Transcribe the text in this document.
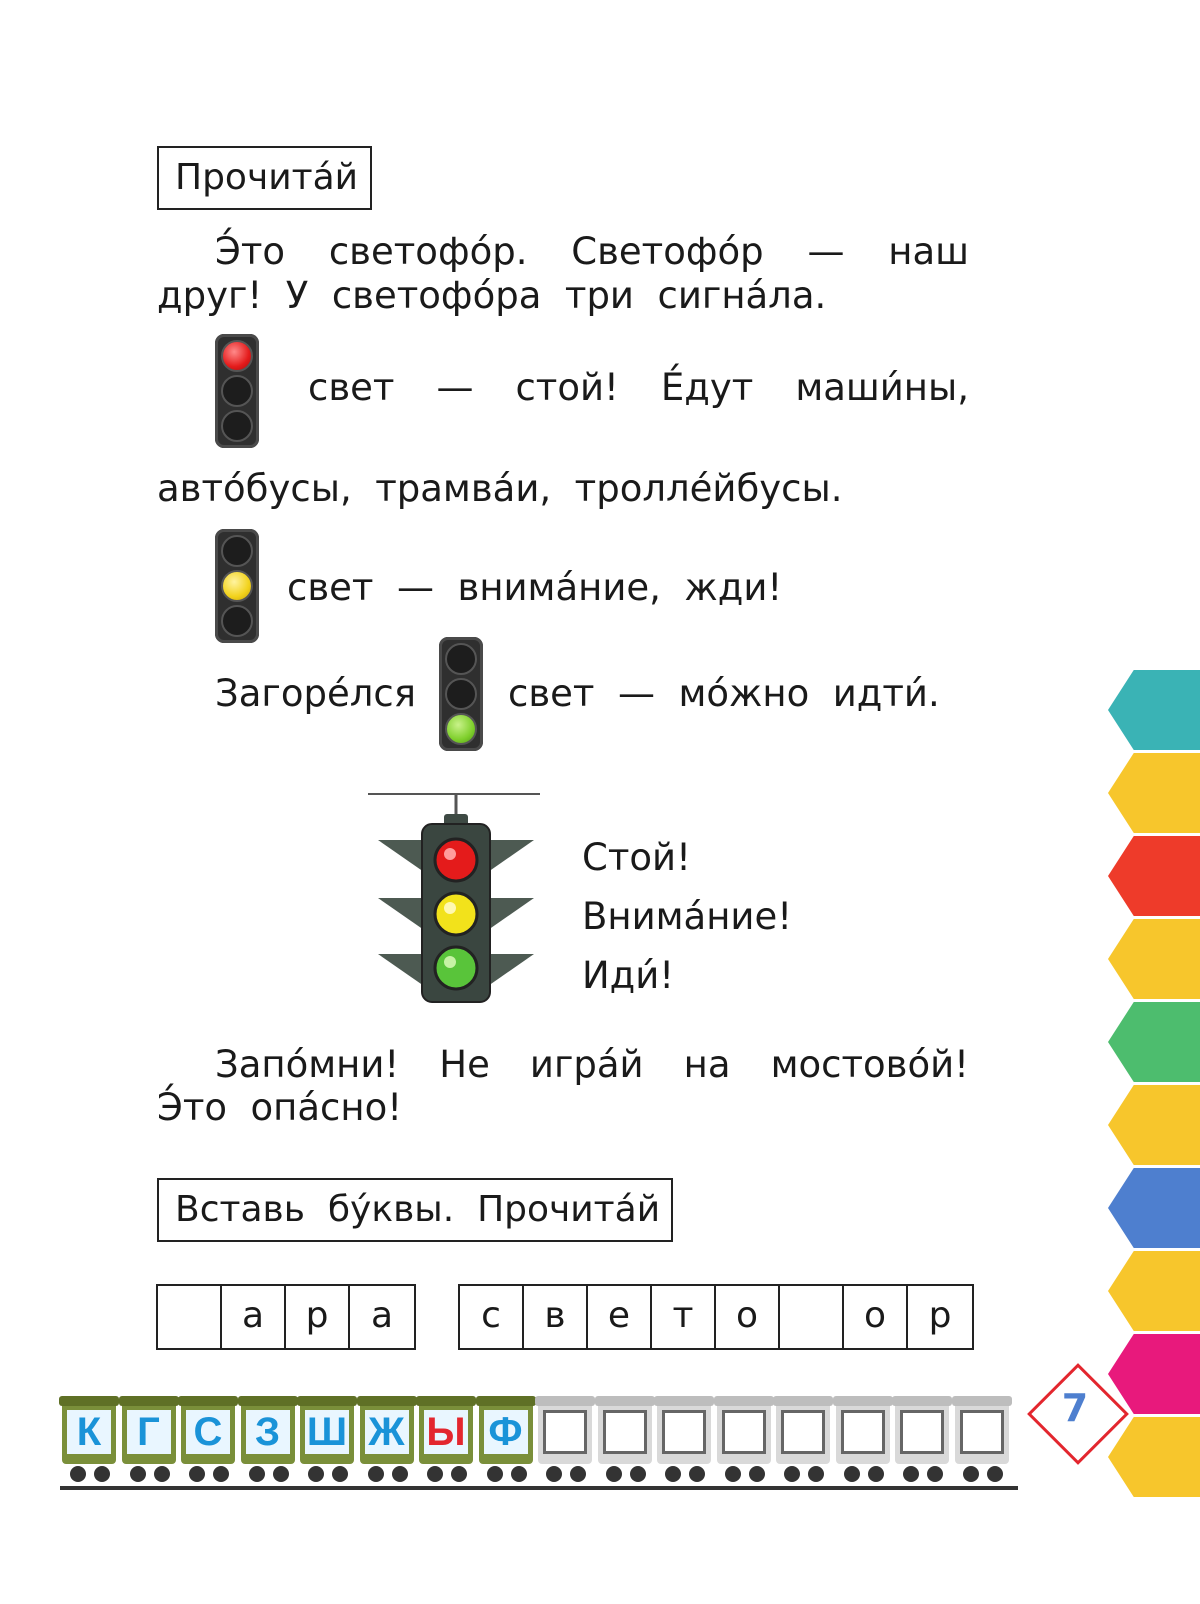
Прочита́й
Э́то светофо́р. Светофо́р — наш
друг!  У  светофо́ра  три  сигна́ла.
свет — стой! Е́дут маши́ны,
авто́бусы,  трамва́и,  тролле́йбусы.
свет  —  внима́ние,  жди!
Загоре́лся свет  —  мо́жно  идти́.
Стой!
Внима́ние!
Иди́!
Запо́мни! Не игра́й на мостово́й!
Э́то  опа́сно!
Вставь  бу́квы.  Прочита́й
а	р	а	с	в	е	т	о	о	р
К Г С З Ш Ж Ы Ф
7
